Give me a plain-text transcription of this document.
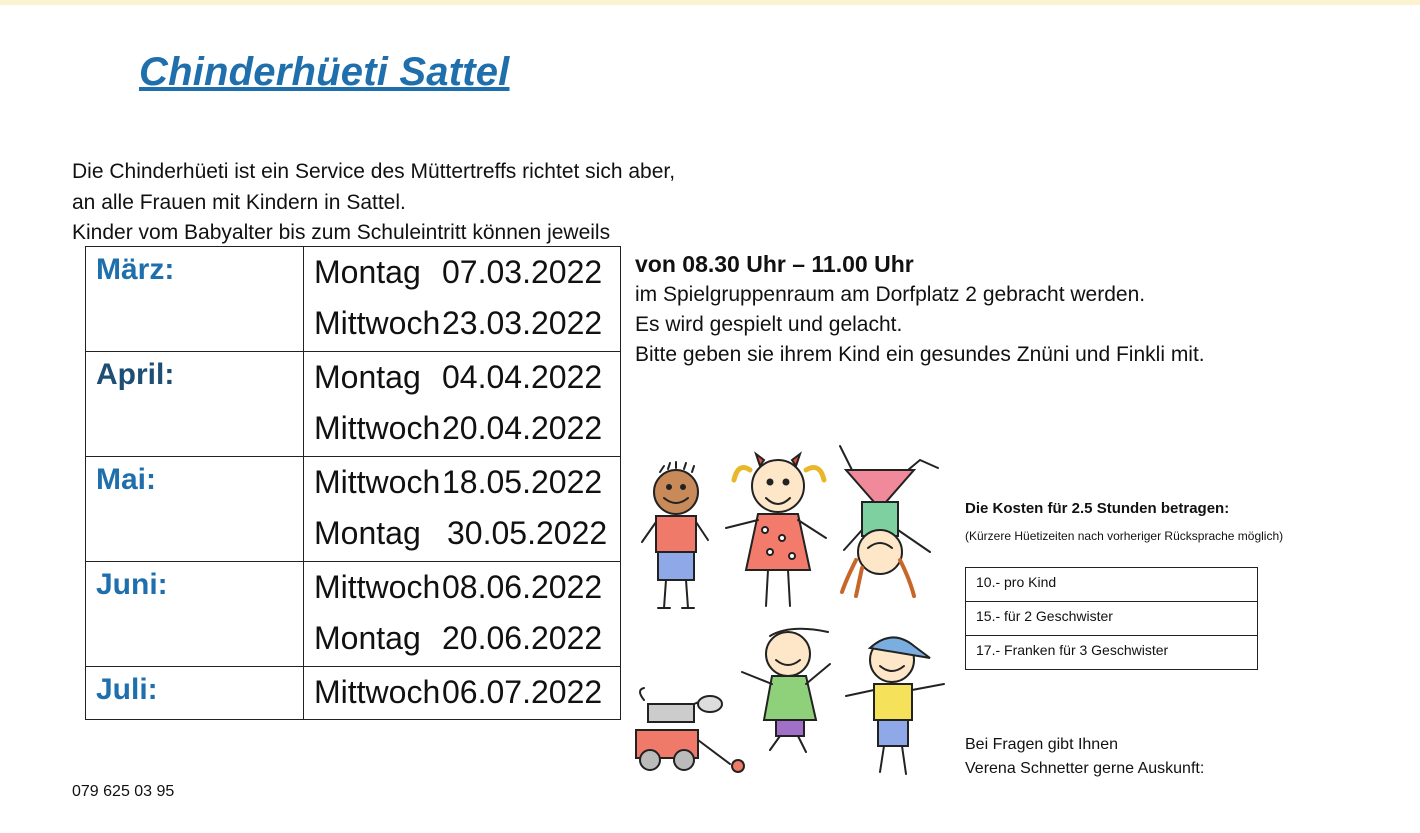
Chinderhüeti Sattel
Die Chinderhüeti ist ein Service des Müttertreffs richtet sich aber,
an alle Frauen mit Kindern in Sattel.
Kinder vom Babyalter bis zum Schuleintritt können jeweils
März:	Montag 07.03.2022
Mittwoch 23.03.2022

April:	Montag 04.04.2022
Mittwoch 20.04.2022

Mai:	Mittwoch 18.05.2022
Montag 30.05.2022

Juni:	Mittwoch 08.06.2022
Montag 20.06.2022

Juli:	Mittwoch 06.07.2022
von 08.30 Uhr – 11.00 Uhr
im Spielgruppenraum am Dorfplatz 2 gebracht werden.
Es wird gespielt und gelacht.
Bitte geben sie ihrem Kind ein gesundes Znüni und Finkli mit.
Die Kosten für 2.5 Stunden betragen:
(Kürzere Hüetizeiten nach vorheriger Rücksprache möglich)
10.- pro Kind
15.- für 2 Geschwister
17.- Franken für 3 Geschwister
Bei Fragen gibt Ihnen
Verena Schnetter gerne Auskunft:
079 625 03 95
